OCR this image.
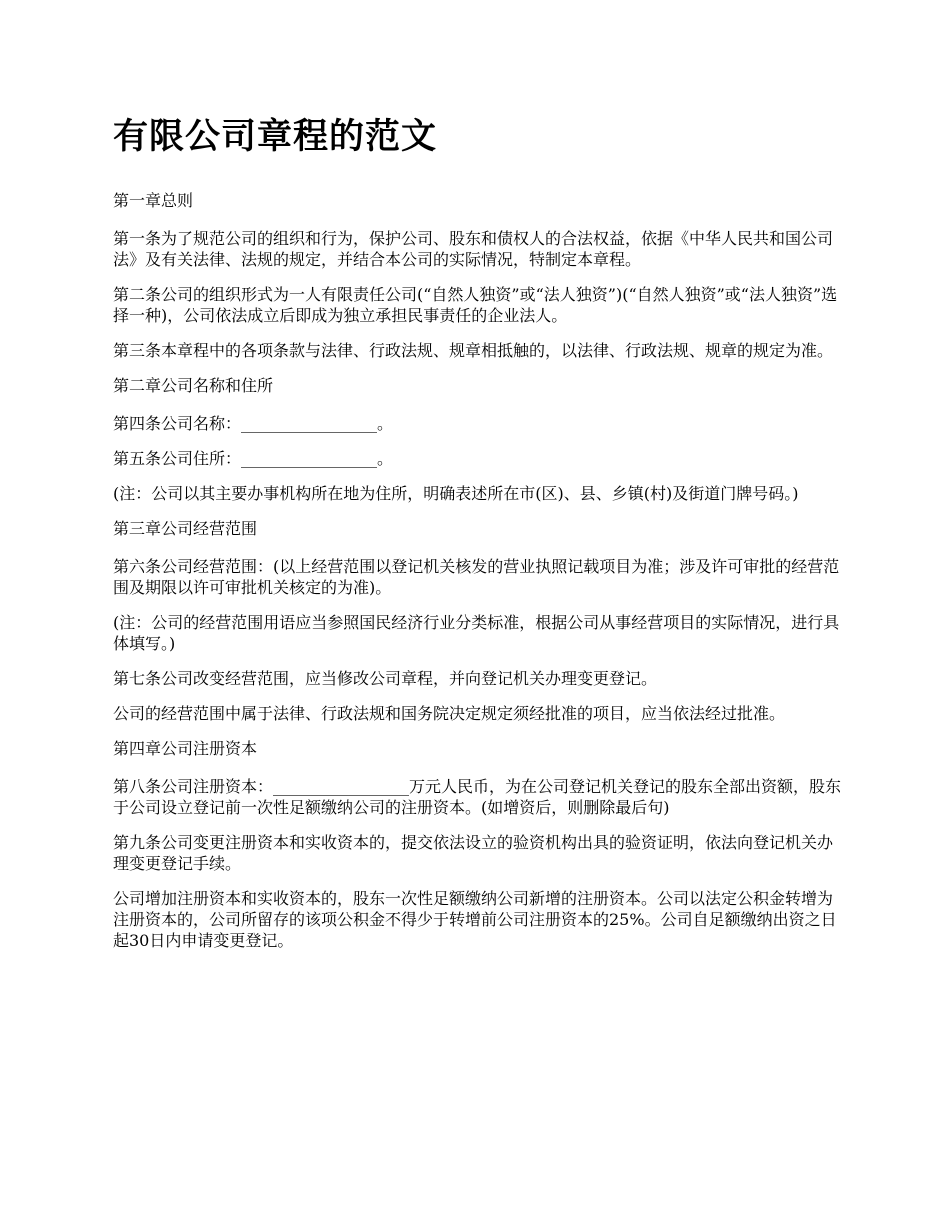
有限公司章程的范文

第一章总则

第一条为了规范公司的组织和行为，保护公司、股东和债权人的合法权益，依据《中华人民共和国公司法》及有关法律、法规的规定，并结合本公司的实际情况，特制定本章程。

第二条公司的组织形式为一人有限责任公司(“自然人独资”或“法人独资”)(“自然人独资”或“法人独资”选择一种)，公司依法成立后即成为独立承担民事责任的企业法人。

第三条本章程中的各项条款与法律、行政法规、规章相抵触的，以法律、行政法规、规章的规定为准。

第二章公司名称和住所

第四条公司名称：_________________。

第五条公司住所：_________________。

(注：公司以其主要办事机构所在地为住所，明确表述所在市(区)、县、乡镇(村)及街道门牌号码。)

第三章公司经营范围

第六条公司经营范围：(以上经营范围以登记机关核发的营业执照记载项目为准；涉及许可审批的经营范围及期限以许可审批机关核定的为准)。

(注：公司的经营范围用语应当参照国民经济行业分类标准，根据公司从事经营项目的实际情况，进行具体填写。)

第七条公司改变经营范围，应当修改公司章程，并向登记机关办理变更登记。

公司的经营范围中属于法律、行政法规和国务院决定规定须经批准的项目，应当依法经过批准。

第四章公司注册资本

第八条公司注册资本：_________________万元人民币，为在公司登记机关登记的股东全部出资额，股东于公司设立登记前一次性足额缴纳公司的注册资本。(如增资后，则删除最后句)

第九条公司变更注册资本和实收资本的，提交依法设立的验资机构出具的验资证明，依法向登记机关办理变更登记手续。

公司增加注册资本和实收资本的，股东一次性足额缴纳公司新增的注册资本。公司以法定公积金转增为注册资本的，公司所留存的该项公积金不得少于转增前公司注册资本的25%。公司自足额缴纳出资之日起30日内申请变更登记。
